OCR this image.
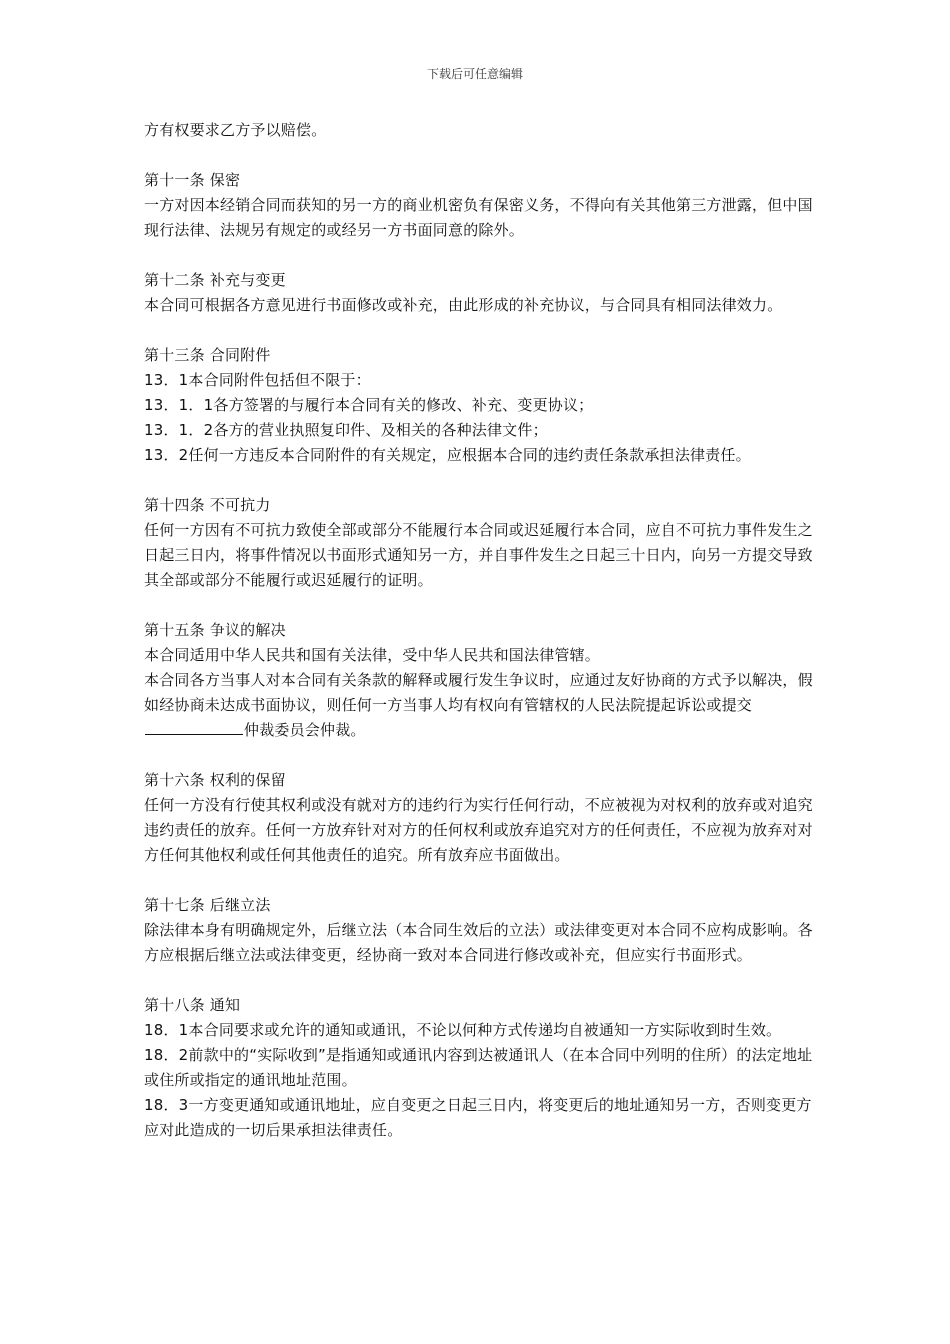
下载后可任意编辑

方有权要求乙方予以赔偿。

第十一条 保密

一方对因本经销合同而获知的另一方的商业机密负有保密义务，不得向有关其他第三方泄露，但中国现行法律、法规另有规定的或经另一方书面同意的除外。

第十二条 补充与变更

本合同可根据各方意见进行书面修改或补充，由此形成的补充协议，与合同具有相同法律效力。

第十三条 合同附件

13．1本合同附件包括但不限于：

13．1．1各方签署的与履行本合同有关的修改、补充、变更协议；

13．1．2各方的营业执照复印件、及相关的各种法律文件；

13．2任何一方违反本合同附件的有关规定，应根据本合同的违约责任条款承担法律责任。

第十四条 不可抗力

任何一方因有不可抗力致使全部或部分不能履行本合同或迟延履行本合同，应自不可抗力事件发生之日起三日内，将事件情况以书面形式通知另一方，并自事件发生之日起三十日内，向另一方提交导致其全部或部分不能履行或迟延履行的证明。

第十五条 争议的解决

本合同适用中华人民共和国有关法律，受中华人民共和国法律管辖。

本合同各方当事人对本合同有关条款的解释或履行发生争议时，应通过友好协商的方式予以解决，假如经协商未达成书面协议，则任何一方当事人均有权向有管辖权的人民法院提起诉讼或提交仲裁委员会仲裁。

第十六条 权利的保留

任何一方没有行使其权利或没有就对方的违约行为实行任何行动，不应被视为对权利的放弃或对追究违约责任的放弃。任何一方放弃针对对方的任何权利或放弃追究对方的任何责任，不应视为放弃对对方任何其他权利或任何其他责任的追究。所有放弃应书面做出。

第十七条 后继立法

除法律本身有明确规定外，后继立法（本合同生效后的立法）或法律变更对本合同不应构成影响。各方应根据后继立法或法律变更，经协商一致对本合同进行修改或补充，但应实行书面形式。

第十八条 通知

18．1本合同要求或允许的通知或通讯，不论以何种方式传递均自被通知一方实际收到时生效。

18．2前款中的“实际收到”是指通知或通讯内容到达被通讯人（在本合同中列明的住所）的法定地址或住所或指定的通讯地址范围。

18．3一方变更通知或通讯地址，应自变更之日起三日内，将变更后的地址通知另一方，否则变更方应对此造成的一切后果承担法律责任。
